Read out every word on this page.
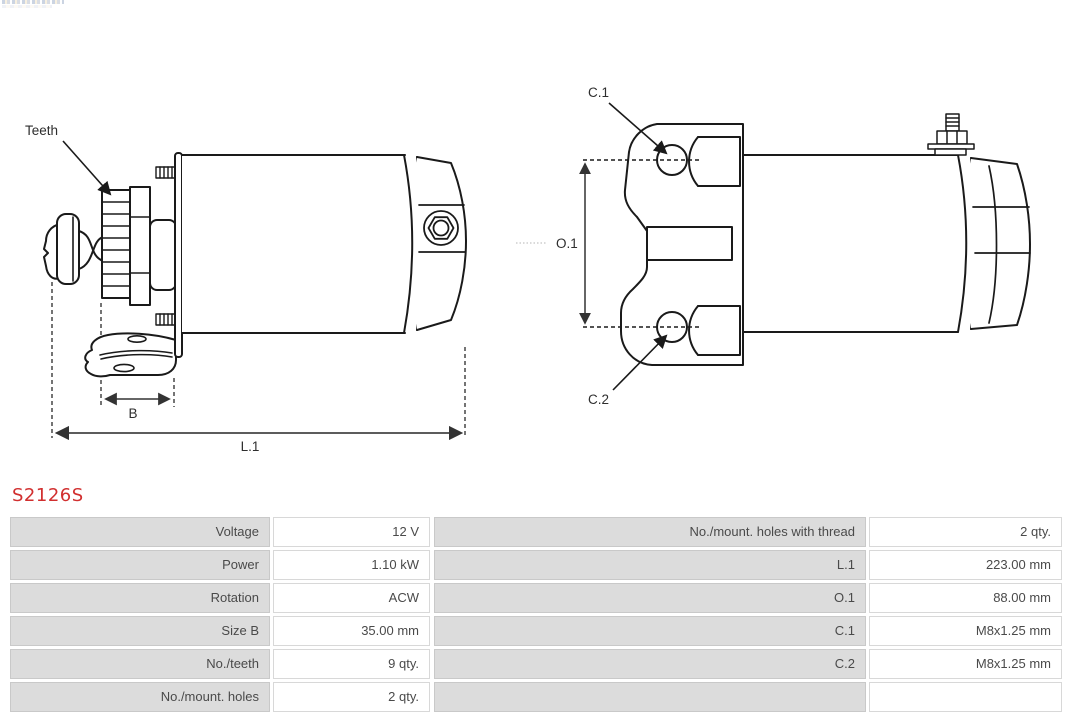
B
L.1
Teeth
O.1
C.1
C.2
S2126S
Voltage	12 V
Power	1.10 kW
Rotation	ACW
Size B	35.00 mm
No./teeth	9 qty.
No./mount. holes	2 qty.
No./mount. holes with thread	2 qty.
L.1	223.00 mm
O.1	88.00 mm
C.1	M8x1.25 mm
C.2	M8x1.25 mm
